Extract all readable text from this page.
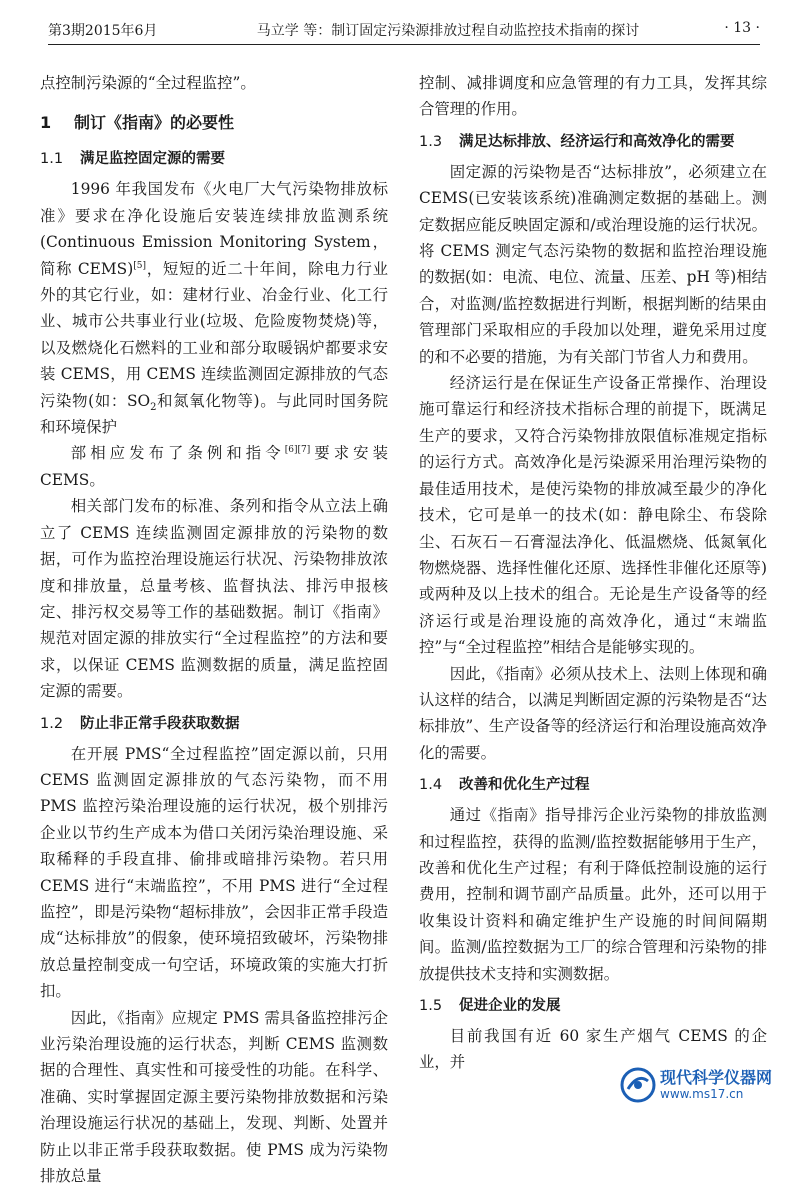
第3期2015年6月	马立学 等：制订固定污染源排放过程自动监控技术指南的探讨	· 13 ·

点控制污染源的“全过程监控”。

1 制订《指南》的必要性
1.1 满足监控固定源的需要

1996 年我国发布《火电厂大气污染物排放标准》要求在净化设施后安装连续排放监测系统(Continuous Emission Monitoring System，简称 CEMS)[5]，短短的近二十年间，除电力行业外的其它行业，如：建材行业、冶金行业、化工行业、城市公共事业行业(垃圾、危险废物焚烧)等，以及燃烧化石燃料的工业和部分取暖锅炉都要求安装 CEMS，用 CEMS 连续监测固定源排放的气态污染物(如：$SO_2$和氮氧化物等)。与此同时国务院和环境保护

部相应发布了条例和指令[6][7]要求安装 CEMS。

相关部门发布的标准、条列和指令从立法上确立了 CEMS 连续监测固定源排放的污染物的数据，可作为监控治理设施运行状况、污染物排放浓度和排放量，总量考核、监督执法、排污申报核定、排污权交易等工作的基础数据。制订《指南》规范对固定源的排放实行“全过程监控”的方法和要求，以保证 CEMS 监测数据的质量，满足监控固定源的需要。

1.2 防止非正常手段获取数据

在开展 PMS“全过程监控”固定源以前，只用 CEMS 监测固定源排放的气态污染物，而不用 PMS 监控污染治理设施的运行状况，极个别排污企业以节约生产成本为借口关闭污染治理设施、采取稀释的手段直排、偷排或暗排污染物。若只用 CEMS 进行“末端监控”，不用 PMS 进行“全过程监控”，即是污染物“超标排放”，会因非正常手段造成“达标排放”的假象，使环境招致破坏，污染物排放总量控制变成一句空话，环境政策的实施大打折扣。

因此，《指南》应规定 PMS 需具备监控排污企业污染治理设施的运行状态，判断 CEMS 监测数据的合理性、真实性和可接受性的功能。在科学、准确、实时掌握固定源主要污染物排放数据和污染治理设施运行状况的基础上，发现、判断、处置并防止以非正常手段获取数据。使 PMS 成为污染物排放总量

控制、减排调度和应急管理的有力工具，发挥其综合管理的作用。

1.3 满足达标排放、经济运行和高效净化的需要

固定源的污染物是否“达标排放”，必须建立在 CEMS(已安装该系统)准确测定数据的基础上。测定数据应能反映固定源和/或治理设施的运行状况。将 CEMS 测定气态污染物的数据和监控治理设施的数据(如：电流、电位、流量、压差、pH 等)相结合，对监测/监控数据进行判断，根据判断的结果由管理部门采取相应的手段加以处理，避免采用过度的和不必要的措施，为有关部门节省人力和费用。

经济运行是在保证生产设备正常操作、治理设施可靠运行和经济技术指标合理的前提下，既满足生产的要求，又符合污染物排放限值标准规定指标的运行方式。高效净化是污染源采用治理污染物的最佳适用技术，是使污染物的排放减至最少的净化技术，它可是单一的技术(如：静电除尘、布袋除尘、石灰石－石膏湿法净化、低温燃烧、低氮氧化物燃烧器、选择性催化还原、选择性非催化还原等)或两种及以上技术的组合。无论是生产设备等的经济运行或是治理设施的高效净化，通过“末端监控”与“全过程监控”相结合是能够实现的。

因此，《指南》必须从技术上、法则上体现和确认这样的结合，以满足判断固定源的污染物是否“达标排放”、生产设备等的经济运行和治理设施高效净化的需要。

1.4 改善和优化生产过程

通过《指南》指导排污企业污染物的排放监测和过程监控，获得的监测/监控数据能够用于生产，改善和优化生产过程；有利于降低控制设施的运行费用，控制和调节副产品质量。此外，还可以用于收集设计资料和确定维护生产设施的时间间隔期间。监测/监控数据为工厂的综合管理和污染物的排放提供技术支持和实测数据。

1.5 促进企业的发展

目前我国有近 60 家生产烟气 CEMS 的企业，并

现代科学仪器网
www.ms17.cn
